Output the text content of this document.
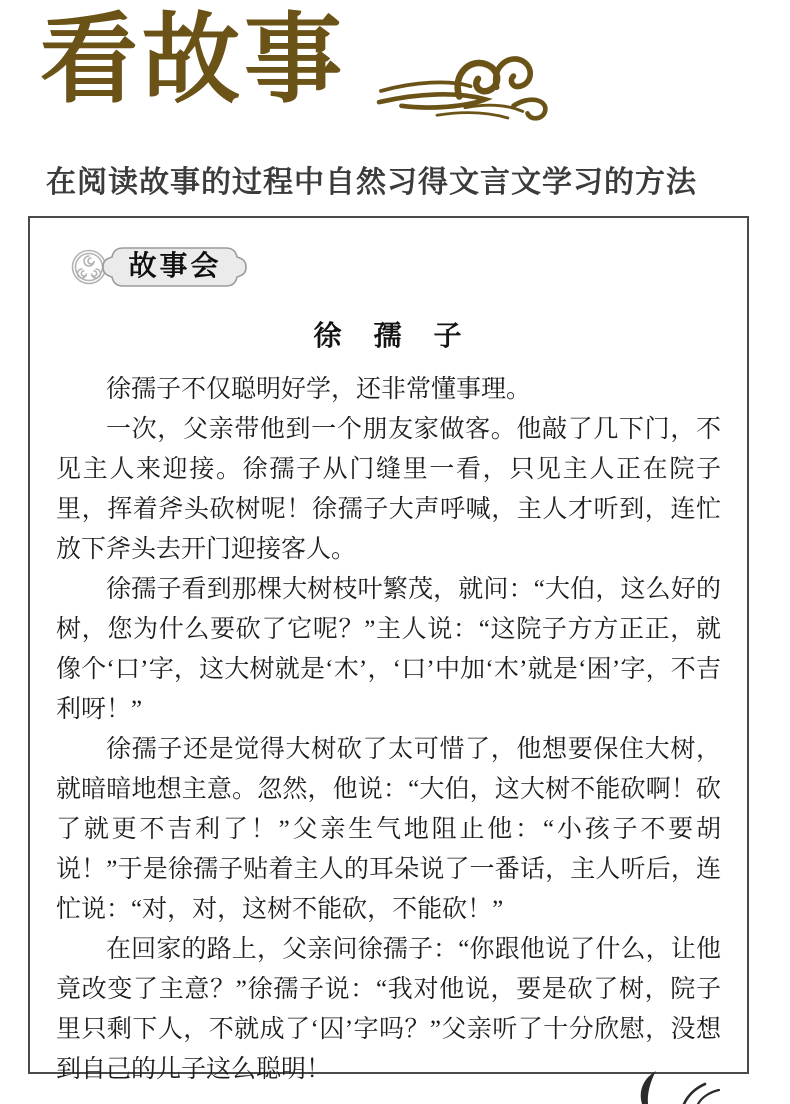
看故事
在阅读故事的过程中自然习得文言文学习的方法
故事会
徐　孺　子

徐孺子不仅聪明好学，还非常懂事理。

一次，父亲带他到一个朋友家做客。他敲了几下门，不见主人来迎接。徐孺子从门缝里一看，只见主人正在院子里，挥着斧头砍树呢！徐孺子大声呼喊，主人才听到，连忙放下斧头去开门迎接客人。

徐孺子看到那棵大树枝叶繁茂，就问：“大伯，这么好的树，您为什么要砍了它呢？”主人说：“这院子方方正正，就像个‘口’字，这大树就是‘木’，‘口’中加‘木’就是‘困’字，不吉利呀！”

徐孺子还是觉得大树砍了太可惜了，他想要保住大树，就暗暗地想主意。忽然，他说：“大伯，这大树不能砍啊！砍了就更不吉利了！”父亲生气地阻止他：“小孩子不要胡说！”于是徐孺子贴着主人的耳朵说了一番话，主人听后，连忙说：“对，对，这树不能砍，不能砍！”

在回家的路上，父亲问徐孺子：“你跟他说了什么，让他竟改变了主意？”徐孺子说：“我对他说，要是砍了树，院子里只剩下人，不就成了‘囚’字吗？”父亲听了十分欣慰，没想到自己的儿子这么聪明！
